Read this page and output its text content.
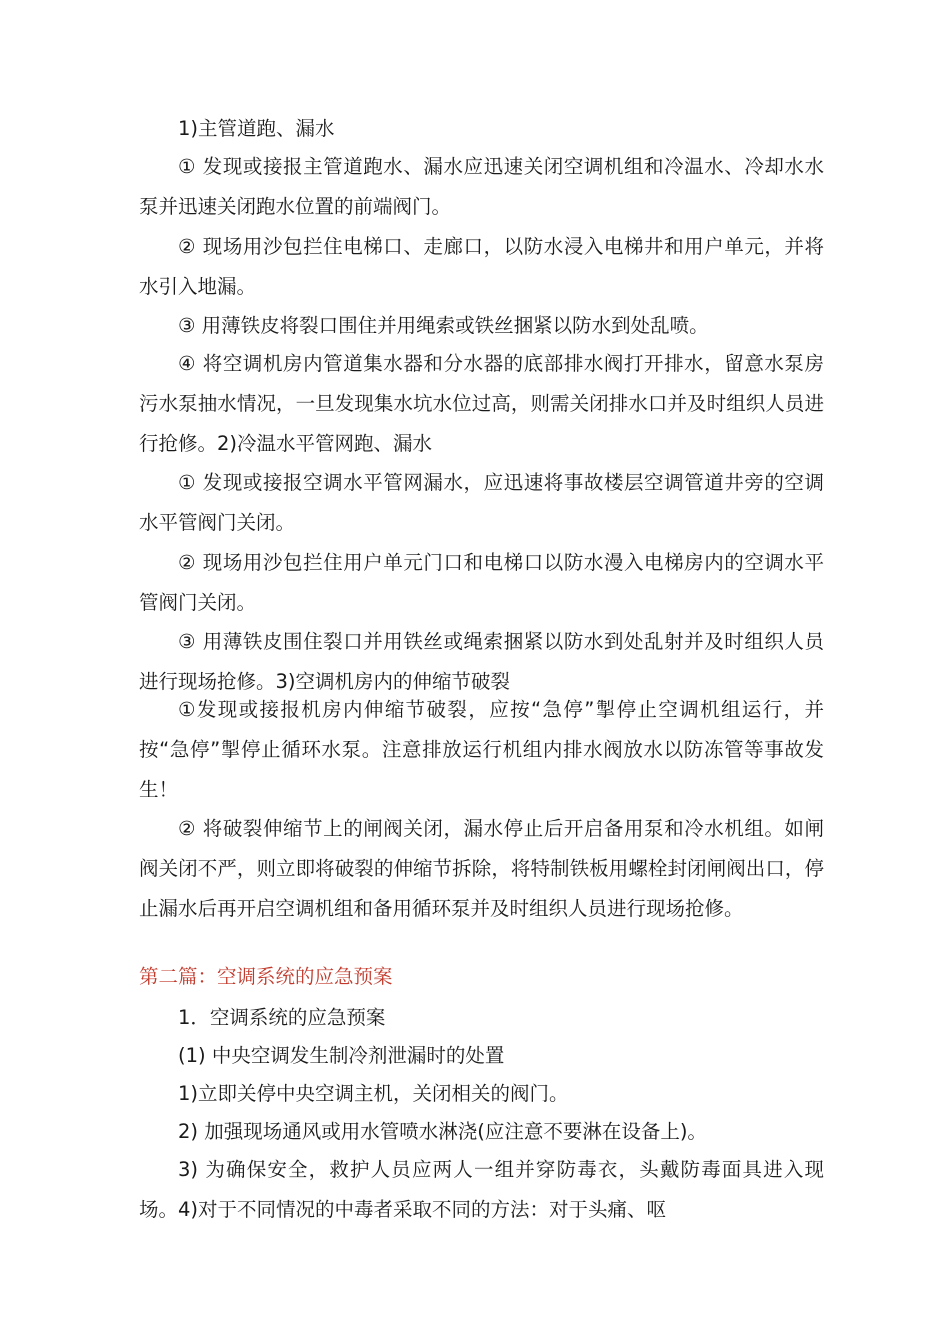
1)主管道跑、漏水

① 发现或接报主管道跑水、漏水应迅速关闭空调机组和冷温水、冷却水水泵并迅速关闭跑水位置的前端阀门。

② 现场用沙包拦住电梯口、走廊口，以防水浸入电梯井和用户单元，并将水引入地漏。

③ 用薄铁皮将裂口围住并用绳索或铁丝捆紧以防水到处乱喷。

④ 将空调机房内管道集水器和分水器的底部排水阀打开排水，留意水泵房污水泵抽水情况，一旦发现集水坑水位过高，则需关闭排水口并及时组织人员进行抢修。2)冷温水平管网跑、漏水

① 发现或接报空调水平管网漏水，应迅速将事故楼层空调管道井旁的空调水平管阀门关闭。

② 现场用沙包拦住用户单元门口和电梯口以防水漫入电梯房内的空调水平管阀门关闭。

③ 用薄铁皮围住裂口并用铁丝或绳索捆紧以防水到处乱射并及时组织人员进行现场抢修。3)空调机房内的伸缩节破裂

①发现或接报机房内伸缩节破裂，应按“急停”掣停止空调机组运行，并按“急停”掣停止循环水泵。注意排放运行机组内排水阀放水以防冻管等事故发生！

② 将破裂伸缩节上的闸阀关闭，漏水停止后开启备用泵和冷水机组。如闸阀关闭不严，则立即将破裂的伸缩节拆除，将特制铁板用螺栓封闭闸阀出口，停止漏水后再开启空调机组和备用循环泵并及时组织人员进行现场抢修。

第二篇：空调系统的应急预案

1．空调系统的应急预案

(1) 中央空调发生制冷剂泄漏时的处置

1)立即关停中央空调主机，关闭相关的阀门。

2) 加强现场通风或用水管喷水淋浇(应注意不要淋在设备上)。

3) 为确保安全，救护人员应两人一组并穿防毒衣，头戴防毒面具进入现场。4)对于不同情况的中毒者采取不同的方法：对于头痛、呕
